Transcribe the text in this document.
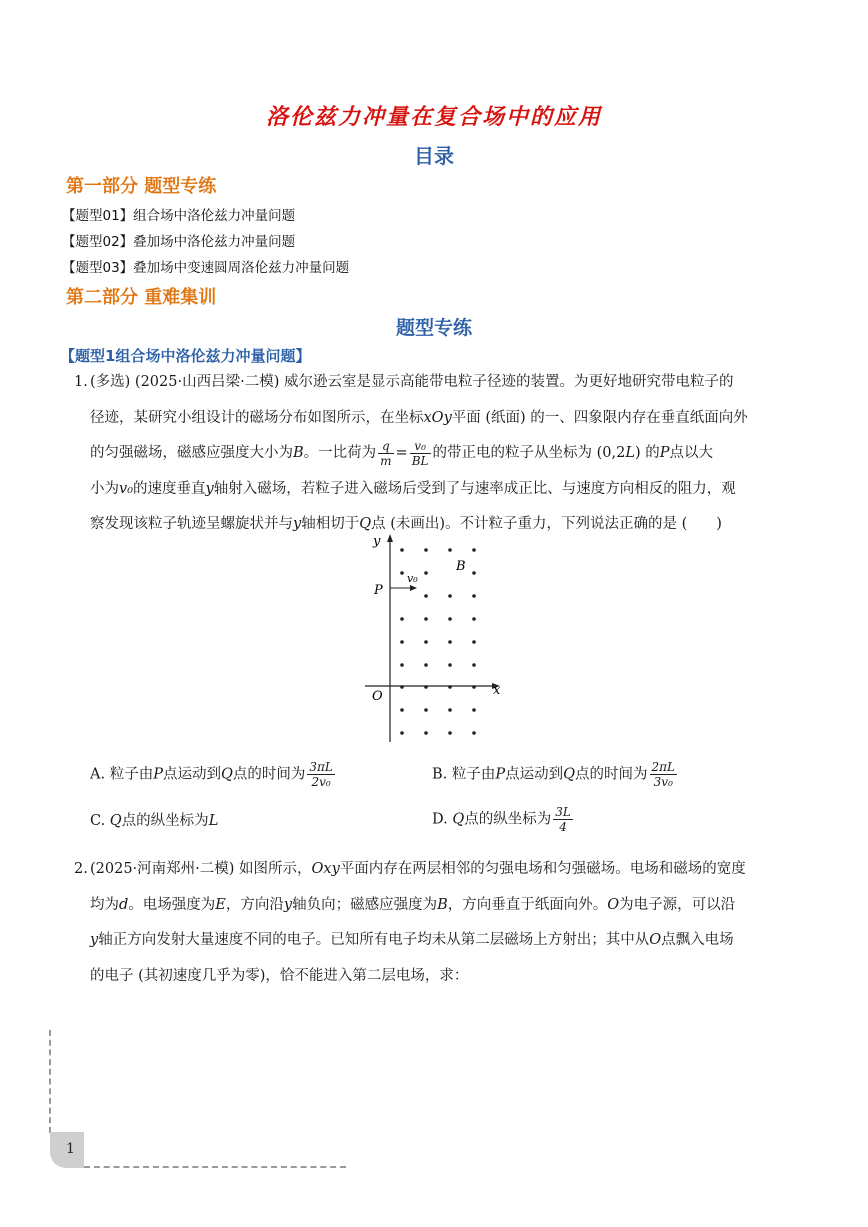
洛伦兹力冲量在复合场中的应用
目录
第一部分 题型专练
【题型01】组合场中洛伦兹力冲量问题
【题型02】叠加场中洛伦兹力冲量问题
【题型03】叠加场中变速圆周洛伦兹力冲量问题
第二部分 重难集训
题型专练
【题型1组合场中洛伦兹力冲量问题】
1. (多选) (2025·山西吕梁·二模) 威尔逊云室是显示高能带电粒子径迹的装置。为更好地研究带电粒子的
径迹，某研究小组设计的磁场分布如图所示，在坐标xOy平面 (纸面) 的一、四象限内存在垂直纸面向外
的匀强磁场，磁感应强度大小为B。一比荷为 $\frac{q}{m} = \frac{\text{v₀}}{BL}$ 的带正电的粒子从坐标为 (0,2L) 的P点以大
小为v₀的速度垂直y轴射入磁场，若粒子进入磁场后受到了与速率成正比、与速度方向相反的阻力，观
察发现该粒子轨迹呈螺旋状并与y轴相切于Q点 (未画出)。不计粒子重力，下列说法正确的是 (　　)
y
x
O
P
v₀
B
A. 粒子由P点运动到Q点的时间为 $\frac{3\pi L}{\text{2v₀}}$	B. 粒子由P点运动到Q点的时间为 $\frac{2\pi L}{\text{3v₀}}$
C. Q点的纵坐标为L	D. Q点的纵坐标为 $\frac{3L}{4}$
2. (2025·河南郑州·二模) 如图所示，Oxy平面内存在两层相邻的匀强电场和匀强磁场。电场和磁场的宽度
均为d。电场强度为E，方向沿y轴负向；磁感应强度为B，方向垂直于纸面向外。O为电子源，可以沿
y轴正方向发射大量速度不同的电子。已知所有电子均未从第二层磁场上方射出；其中从O点飘入电场
的电子 (其初速度几乎为零)，恰不能进入第二层电场，求：
1
